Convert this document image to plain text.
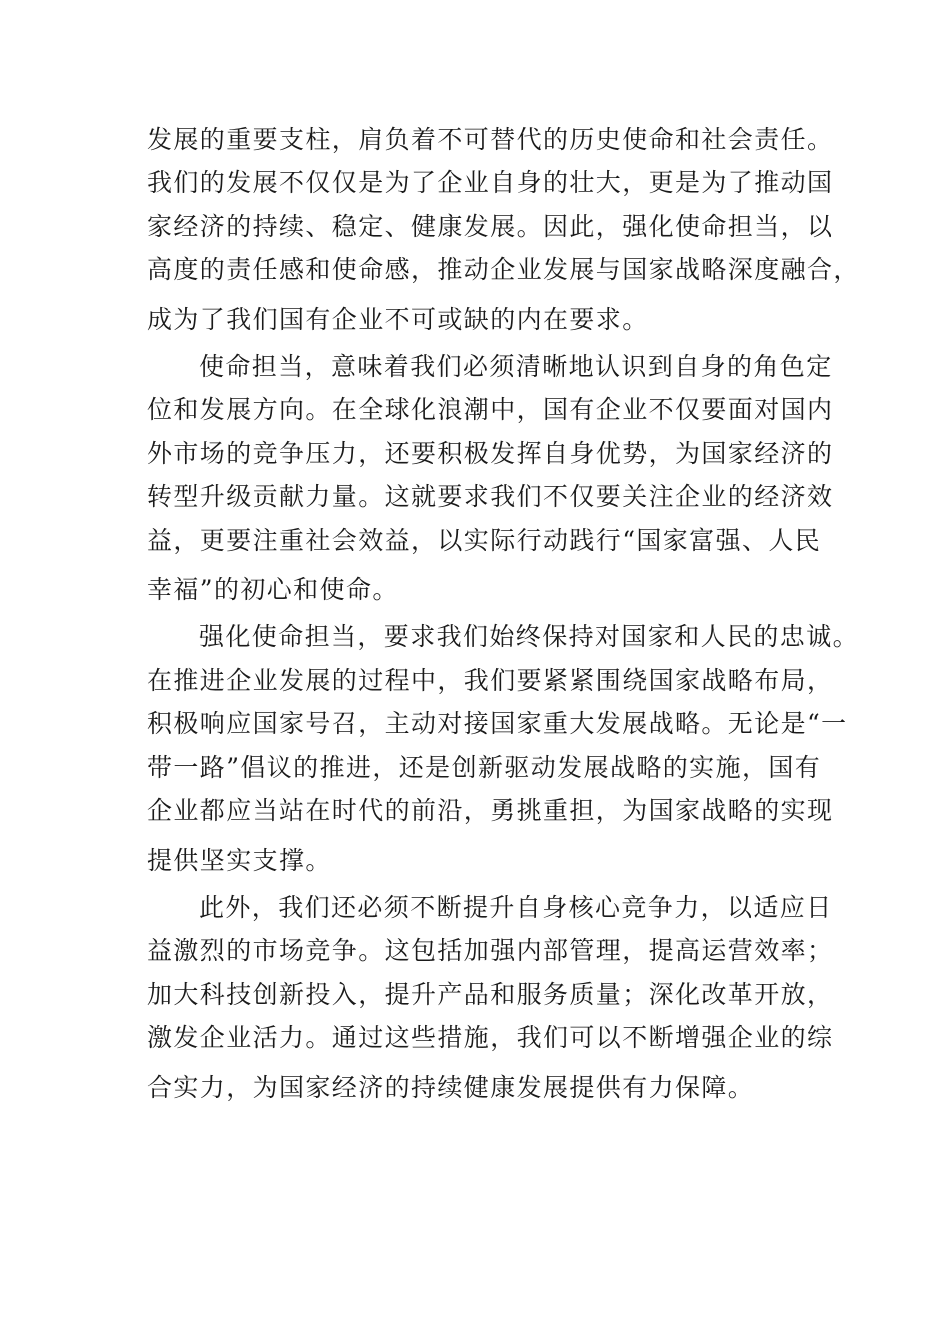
发展的重要支柱，肩负着不可替代的历史使命和社会责任。
我们的发展不仅仅是为了企业自身的壮大，更是为了推动国
家经济的持续、稳定、健康发展。因此，强化使命担当，以
高度的责任感和使命感，推动企业发展与国家战略深度融合，
成为了我们国有企业不可或缺的内在要求。

使命担当，意味着我们必须清晰地认识到自身的角色定
位和发展方向。在全球化浪潮中，国有企业不仅要面对国内
外市场的竞争压力，还要积极发挥自身优势，为国家经济的
转型升级贡献力量。这就要求我们不仅要关注企业的经济效
益，更要注重社会效益，以实际行动践行“国家富强、人民
幸福”的初心和使命。

强化使命担当，要求我们始终保持对国家和人民的忠诚。
在推进企业发展的过程中，我们要紧紧围绕国家战略布局，
积极响应国家号召，主动对接国家重大发展战略。无论是“一
带一路”倡议的推进，还是创新驱动发展战略的实施，国有
企业都应当站在时代的前沿，勇挑重担，为国家战略的实现
提供坚实支撑。

此外，我们还必须不断提升自身核心竞争力，以适应日
益激烈的市场竞争。这包括加强内部管理，提高运营效率；
加大科技创新投入，提升产品和服务质量；深化改革开放，
激发企业活力。通过这些措施，我们可以不断增强企业的综
合实力，为国家经济的持续健康发展提供有力保障。
